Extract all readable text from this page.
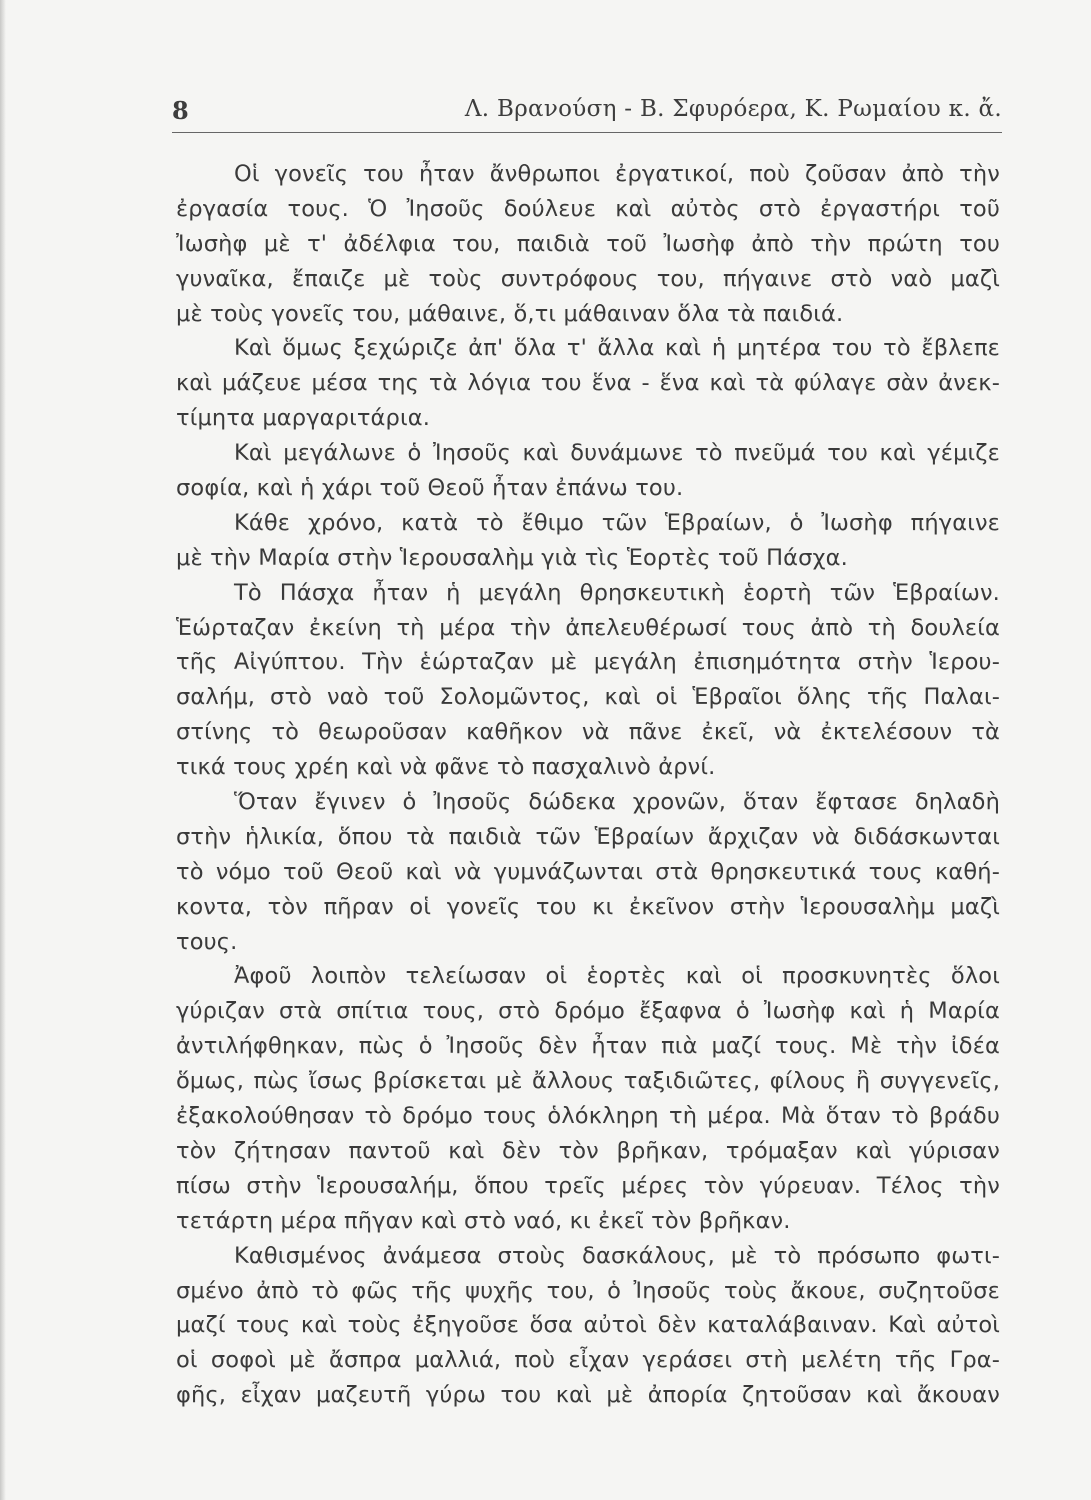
8	Λ. Βρανούση - Β. Σφυρόερα, Κ. Ρωμαίου κ. ἄ.
Οἱ γονεῖς του ἦταν ἄνθρωποι ἐργατικοί, ποὺ ζοῦσαν ἀπὸ τὴν
ἐργασία τους. Ὁ Ἰησοῦς δούλευε καὶ αὐτὸς στὸ ἐργαστήρι τοῦ
Ἰωσὴφ μὲ τ' ἀδέλφια του, παιδιὰ τοῦ Ἰωσὴφ ἀπὸ τὴν πρώτη του
γυναῖκα, ἔπαιζε μὲ τοὺς συντρόφους του, πήγαινε στὸ ναὸ μαζὶ
μὲ τοὺς γονεῖς του, μάθαινε, ὅ,τι μάθαιναν ὅλα τὰ παιδιά.
Καὶ ὅμως ξεχώριζε ἀπ' ὅλα τ' ἄλλα καὶ ἡ μητέρα του τὸ ἔβλεπε
καὶ μάζευε μέσα της τὰ λόγια του ἕνα - ἕνα καὶ τὰ φύλαγε σὰν ἀνεκ-
τίμητα μαργαριτάρια.
Καὶ μεγάλωνε ὁ Ἰησοῦς καὶ δυνάμωνε τὸ πνεῦμά του καὶ γέμιζε
σοφία, καὶ ἡ χάρι τοῦ Θεοῦ ἦταν ἐπάνω του.
Κάθε χρόνο, κατὰ τὸ ἔθιμο τῶν Ἑβραίων, ὁ Ἰωσὴφ πήγαινε
μὲ τὴν Μαρία στὴν Ἱερουσαλὴμ γιὰ τὶς Ἑορτὲς τοῦ Πάσχα.
Τὸ Πάσχα ἦταν ἡ μεγάλη θρησκευτικὴ ἑορτὴ τῶν Ἑβραίων.
Ἑώρταζαν ἐκείνη τὴ μέρα τὴν ἀπελευθέρωσί τους ἀπὸ τὴ δουλεία
τῆς Αἰγύπτου. Τὴν ἑώρταζαν μὲ μεγάλη ἐπισημότητα στὴν Ἱερου-
σαλήμ, στὸ ναὸ τοῦ Σολομῶντος, καὶ οἱ Ἑβραῖοι ὅλης τῆς Παλαι-
στίνης τὸ θεωροῦσαν καθῆκον νὰ πᾶνε ἐκεῖ, νὰ ἐκτελέσουν τὰ
τικά τους χρέη καὶ νὰ φᾶνε τὸ πασχαλινὸ ἀρνί.
Ὅταν ἔγινεν ὁ Ἰησοῦς δώδεκα χρονῶν, ὅταν ἔφτασε δηλαδὴ
στὴν ἡλικία, ὅπου τὰ παιδιὰ τῶν Ἑβραίων ἄρχιζαν νὰ διδάσκωνται
τὸ νόμο τοῦ Θεοῦ καὶ νὰ γυμνάζωνται στὰ θρησκευτικά τους καθή-
κοντα, τὸν πῆραν οἱ γονεῖς του κι ἐκεῖνον στὴν Ἱερουσαλὴμ μαζὶ
τους.
Ἀφοῦ λοιπὸν τελείωσαν οἱ ἑορτὲς καὶ οἱ προσκυνητὲς ὅλοι
γύριζαν στὰ σπίτια τους, στὸ δρόμο ἔξαφνα ὁ Ἰωσὴφ καὶ ἡ Μαρία
ἀντιλήφθηκαν, πὼς ὁ Ἰησοῦς δὲν ἦταν πιὰ μαζί τους. Μὲ τὴν ἰδέα
ὅμως, πὼς ἴσως βρίσκεται μὲ ἄλλους ταξιδιῶτες, φίλους ἢ συγγενεῖς,
ἐξακολούθησαν τὸ δρόμο τους ὁλόκληρη τὴ μέρα. Μὰ ὅταν τὸ βράδυ
τὸν ζήτησαν παντοῦ καὶ δὲν τὸν βρῆκαν, τρόμαξαν καὶ γύρισαν
πίσω στὴν Ἱερουσαλήμ, ὅπου τρεῖς μέρες τὸν γύρευαν. Τέλος τὴν
τετάρτη μέρα πῆγαν καὶ στὸ ναό, κι ἐκεῖ τὸν βρῆκαν.
Καθισμένος ἀνάμεσα στοὺς δασκάλους, μὲ τὸ πρόσωπο φωτι-
σμένο ἀπὸ τὸ φῶς τῆς ψυχῆς του, ὁ Ἰησοῦς τοὺς ἄκουε, συζητοῦσε
μαζί τους καὶ τοὺς ἐξηγοῦσε ὅσα αὐτοὶ δὲν καταλάβαιναν. Καὶ αὐτοὶ
οἱ σοφοὶ μὲ ἄσπρα μαλλιά, ποὺ εἶχαν γεράσει στὴ μελέτη τῆς Γρα-
φῆς, εἶχαν μαζευτῆ γύρω του καὶ μὲ ἀπορία ζητοῦσαν καὶ ἄκουαν
